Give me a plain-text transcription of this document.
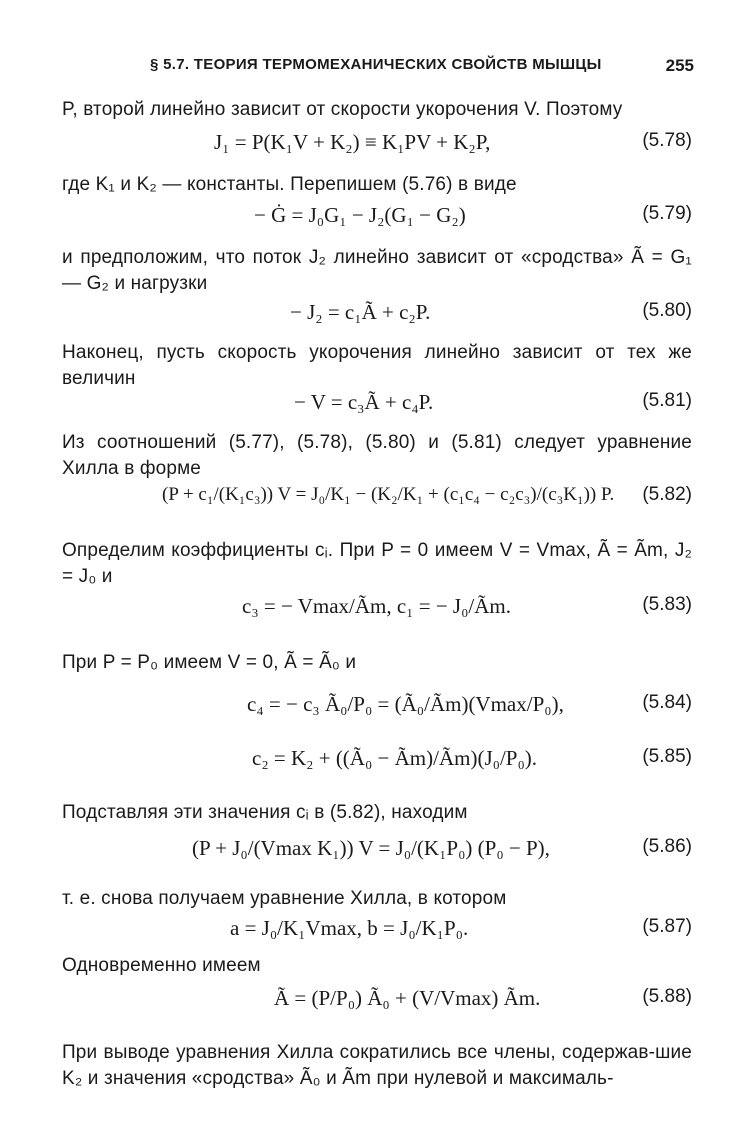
§ 5.7. ТЕОРИЯ ТЕРМОМЕХАНИЧЕСКИХ СВОЙСТВ МЫШЦЫ	255
P, второй линейно зависит от скорости укорочения V. Поэтому
J₁ = P(K₁V + K₂) ≡ K₁PV + K₂P,	(5.78)
где K₁ и K₂ — константы. Перепишем (5.76) в виде
− Ġ = J₀G₁ − J₂(G₁ − G₂)	(5.79)
и предположим, что поток J₂ линейно зависит от «сродства» Ã = G₁ — G₂ и нагрузки
− J₂ = c₁Ã + c₂P.	(5.80)
Наконец, пусть скорость укорочения линейно зависит от тех же величин
− V = c₃Ã + c₄P.	(5.81)
Из соотношений (5.77), (5.78), (5.80) и (5.81) следует уравнение Хилла в форме
(P + c₁/(K₁c₃)) V = J₀/K₁ − (K₂/K₁ + (c₁c₄ − c₂c₃)/(c₃K₁)) P. (5.82)
Определим коэффициенты cᵢ. При P = 0 имеем V = Vmax, Ã = Ãm, J₂ = J₀ и
c₃ = − Vmax/Ãm, c₁ = − J₀/Ãm.	(5.83)
При P = P₀ имеем V = 0, Ã = Ã₀ и
c₄ = − c₃ Ã₀/P₀ = (Ã₀/Ãm)(Vmax/P₀),	(5.84)
c₂ = K₂ + ((Ã₀ − Ãm)/Ãm)(J₀/P₀).	(5.85)
Подставляя эти значения cᵢ в (5.82), находим
(P + J₀/(Vmax K₁)) V = J₀/(K₁P₀) (P₀ − P),	(5.86)
т. е. снова получаем уравнение Хилла, в котором
a = J₀/K₁Vmax, b = J₀/K₁P₀.	(5.87)
Одновременно имеем
Ã = (P/P₀) Ã₀ + (V/Vmax) Ãm.	(5.88)
При выводе уравнения Хилла сократились все члены, содержав-шие K₂ и значения «сродства» Ã₀ и Ãm при нулевой и максималь-
